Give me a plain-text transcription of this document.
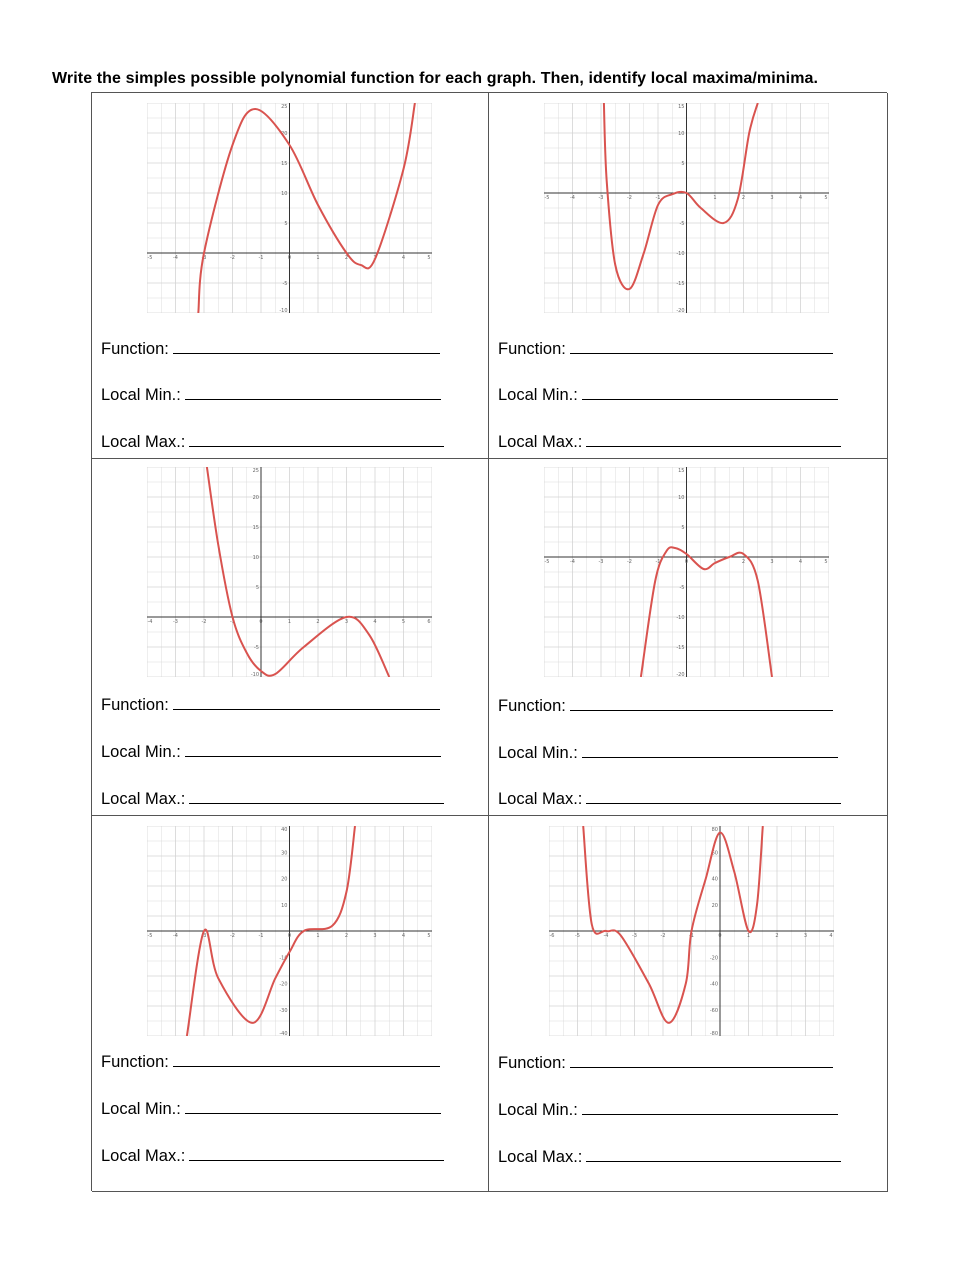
Write the simples possible polynomial function for each graph. Then, identify local maxima/minima.
-5	-4	-3	-2	-1	0	1	2	3	4	5
-10
-5
5
10
15
20
25
Function:
Local Min.:
Local Max.:
-5	-4	-3	-2	-1	1	2	3	4	5
-20
-15
-10
-5
5
10
15
Function:
Local Min.:
Local Max.:
-4	-3	-2	-1	0	1	2	3	4	5	6
-10
-5
5
10
15
20
25
Function:
Local Min.:
Local Max.:
-5	-4	-3	-2	-1	0	1	2	3	4	5
-20
-15
-10
-5
5
10
15
Function:
Local Min.:
Local Max.:
-5	-4	-3	-2	-1	0	1	2	3	4	5
-40
-30
-20
-10
10
20
30
40
Function:
Local Min.:
Local Max.:
-6	-5	-4	-3	-2	-1	0	1	2	3	4
-80
-60
-40
-20
20
40
60
80
Function:
Local Min.:
Local Max.:
